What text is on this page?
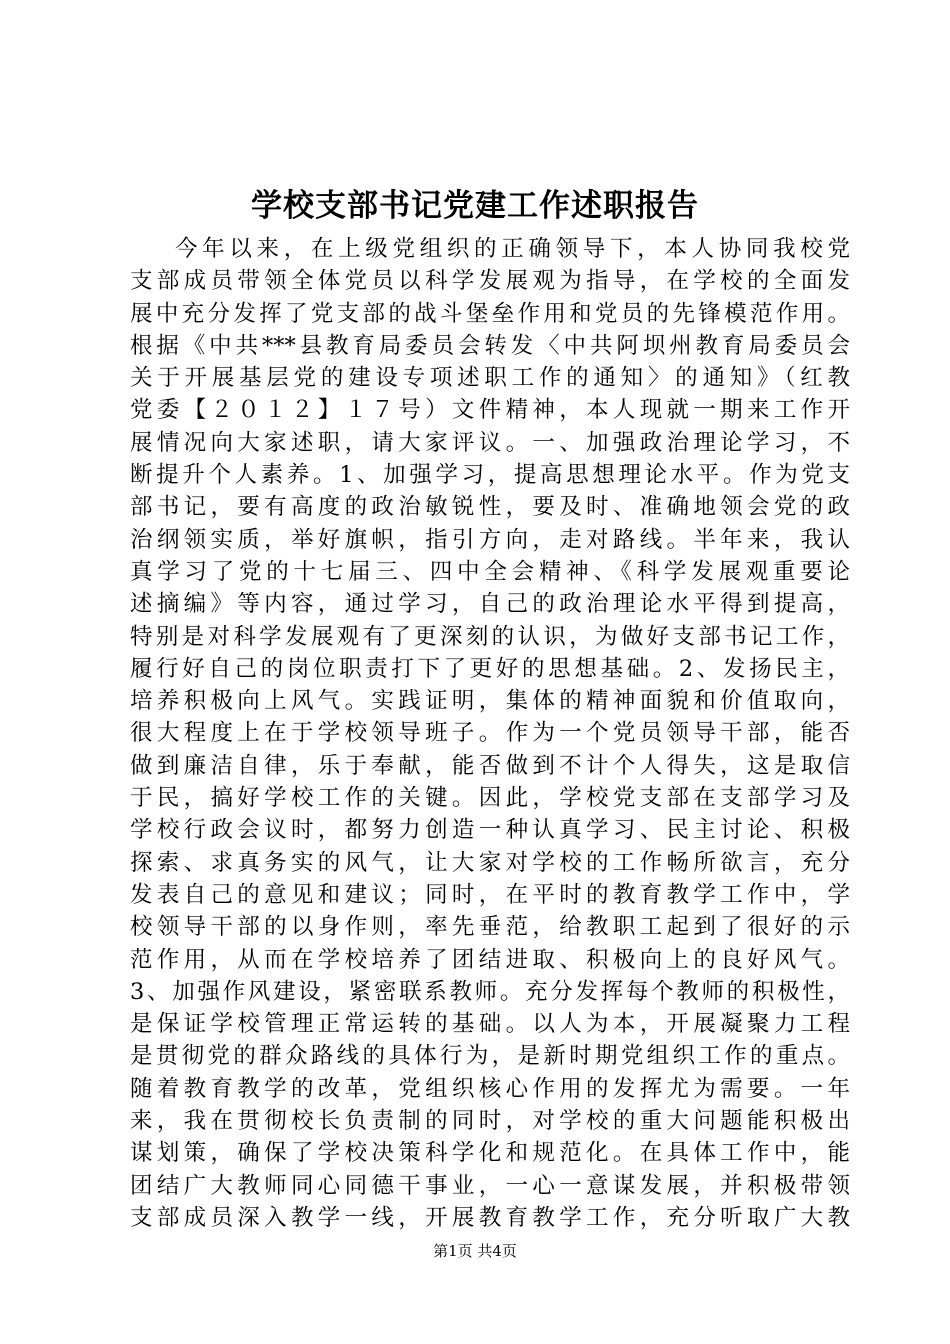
学校支部书记党建工作述职报告
今年以来，在上级党组织的正确领导下，本人协同我校党
支部成员带领全体党员以科学发展观为指导，在学校的全面发
展中充分发挥了党支部的战斗堡垒作用和党员的先锋模范作用。
根据《中共***县教育局委员会转发〈中共阿坝州教育局委员会
关于开展基层党的建设专项述职工作的通知〉的通知》（红教
党委【２０１２】１７号）文件精神，本人现就一期来工作开
展情况向大家述职，请大家评议。一、加强政治理论学习，不
断提升个人素养。1、加强学习，提高思想理论水平。作为党支
部书记，要有高度的政治敏锐性，要及时、准确地领会党的政
治纲领实质，举好旗帜，指引方向，走对路线。半年来，我认
真学习了党的十七届三、四中全会精神、《科学发展观重要论
述摘编》等内容，通过学习，自己的政治理论水平得到提高，
特别是对科学发展观有了更深刻的认识，为做好支部书记工作，
履行好自己的岗位职责打下了更好的思想基础。2、发扬民主，
培养积极向上风气。实践证明，集体的精神面貌和价值取向，
很大程度上在于学校领导班子。作为一个党员领导干部，能否
做到廉洁自律，乐于奉献，能否做到不计个人得失，这是取信
于民，搞好学校工作的关键。因此，学校党支部在支部学习及
学校行政会议时，都努力创造一种认真学习、民主讨论、积极
探索、求真务实的风气，让大家对学校的工作畅所欲言，充分
发表自己的意见和建议；同时，在平时的教育教学工作中，学
校领导干部的以身作则，率先垂范，给教职工起到了很好的示
范作用，从而在学校培养了团结进取、积极向上的良好风气。
3、加强作风建设，紧密联系教师。充分发挥每个教师的积极性，
是保证学校管理正常运转的基础。以人为本，开展凝聚力工程
是贯彻党的群众路线的具体行为，是新时期党组织工作的重点。
随着教育教学的改革，党组织核心作用的发挥尤为需要。一年
来，我在贯彻校长负责制的同时，对学校的重大问题能积极出
谋划策，确保了学校决策科学化和规范化。在具体工作中，能
团结广大教师同心同德干事业，一心一意谋发展，并积极带领
支部成员深入教学一线，开展教育教学工作，充分听取广大教
第1页 共4页
